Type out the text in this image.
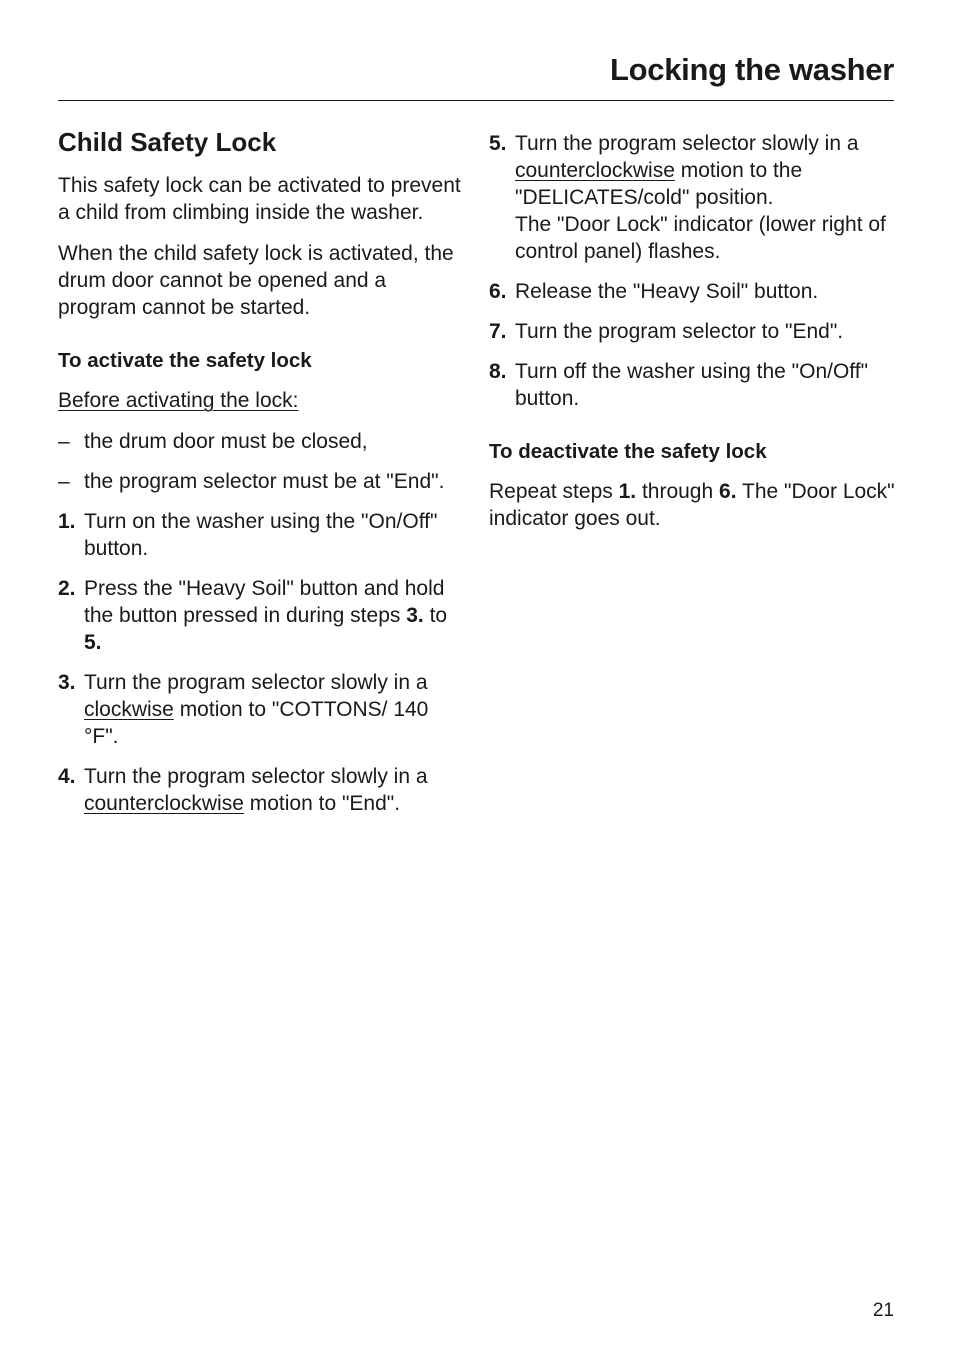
Locking the washer
Child Safety Lock

This safety lock can be activated to prevent a child from climbing inside the washer.

When the child safety lock is activated, the drum door cannot be opened and a program cannot be started.

To activate the safety lock

Before activating the lock:

– the drum door must be closed,
– the program selector must be at "End".
1. Turn on the washer using the "On/Off" button.
2. Press the "Heavy Soil" button and hold the button pressed in during steps 3. to 5.
3. Turn the program selector slowly in a clockwise motion to "COTTONS/ 140 °F".
4. Turn the program selector slowly in a counterclockwise motion to "End".
5. Turn the program selector slowly in a counterclockwise motion to the "DELICATES/cold" position.
The "Door Lock" indicator (lower right of control panel) flashes.
6. Release the "Heavy Soil" button.
7. Turn the program selector to "End".
8. Turn off the washer using the "On/Off" button.
To deactivate the safety lock

Repeat steps 1. through 6. The "Door Lock" indicator goes out.

21
